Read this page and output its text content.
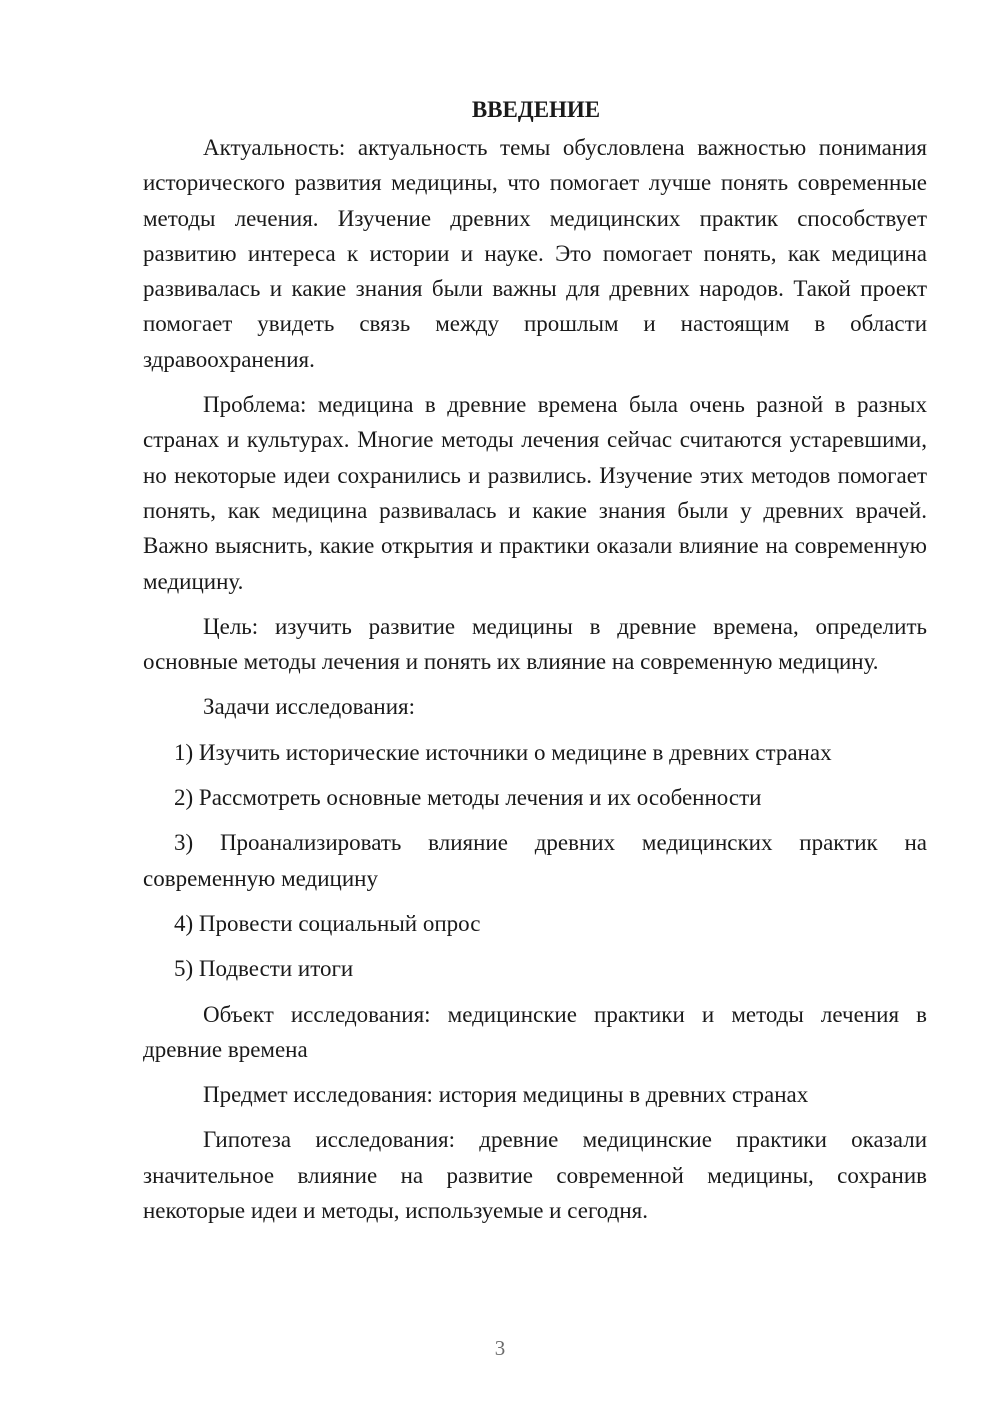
ВВЕДЕНИЕ

Актуальность: актуальность темы обусловлена важностью понимания исторического развития медицины, что помогает лучше понять современные методы лечения. Изучение древних медицинских практик способствует развитию интереса к истории и науке. Это помогает понять, как медицина развивалась и какие знания были важны для древних народов. Такой проект помогает увидеть связь между прошлым и настоящим в области здравоохранения.

Проблема: медицина в древние времена была очень разной в разных странах и культурах. Многие методы лечения сейчас считаются устаревшими, но некоторые идеи сохранились и развились. Изучение этих методов помогает понять, как медицина развивалась и какие знания были у древних врачей. Важно выяснить, какие открытия и практики оказали влияние на современную медицину.

Цель: изучить развитие медицины в древние времена, определить основные методы лечения и понять их влияние на современную медицину.

Задачи исследования:

1) Изучить исторические источники о медицине в древних странах
2) Рассмотреть основные методы лечения и их особенности
3) Проанализировать влияние древних медицинских практик на современную медицину
4) Провести социальный опрос
5) Подвести итоги

Объект исследования: медицинские практики и методы лечения в древние времена

Предмет исследования: история медицины в древних странах

Гипотеза исследования: древние медицинские практики оказали значительное влияние на развитие современной медицины, сохранив некоторые идеи и методы, используемые и сегодня.

3
